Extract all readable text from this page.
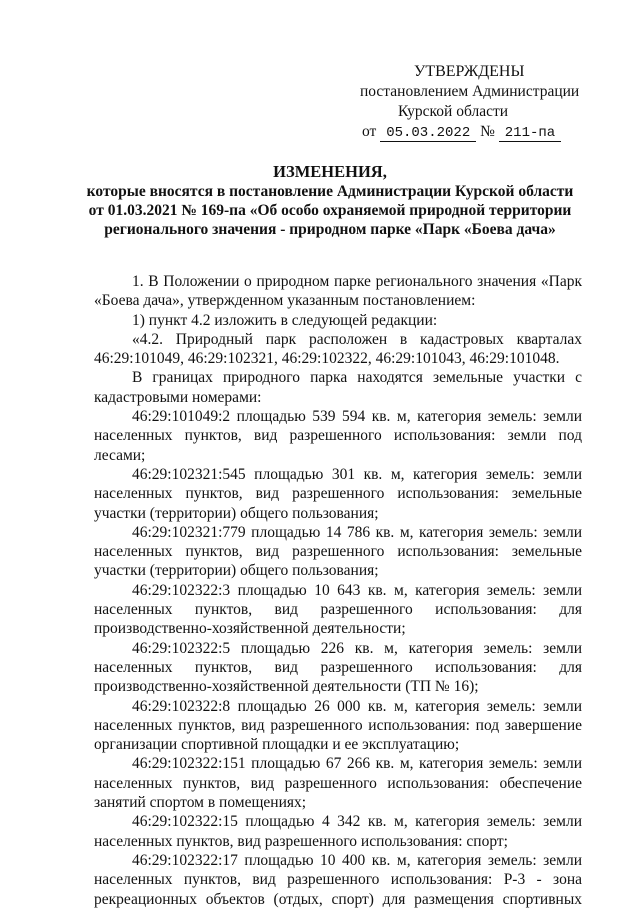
УТВЕРЖДЕНЫ
постановлением Администрации
Курской области
от 05.03.2022 № 211-па
ИЗМЕНЕНИЯ,
которые вносятся в постановление Администрации Курской области
от 01.03.2021 № 169-па «Об особо охраняемой природной территории
регионального значения - природном парке «Парк «Боева дача»

1. В Положении о природном парке регионального значения «Парк «Боева дача», утвержденном указанным постановлением:

1) пункт 4.2 изложить в следующей редакции:

«4.2. Природный парк расположен в кадастровых кварталах 46:29:101049, 46:29:102321, 46:29:102322, 46:29:101043, 46:29:101048.

В границах природного парка находятся земельные участки с кадастровыми номерами:

46:29:101049:2 площадью 539 594 кв. м, категория земель: земли населенных пунктов, вид разрешенного использования: земли под лесами;

46:29:102321:545 площадью 301 кв. м, категория земель: земли населенных пунктов, вид разрешенного использования: земельные участки (территории) общего пользования;

46:29:102321:779 площадью 14 786 кв. м, категория земель: земли населенных пунктов, вид разрешенного использования: земельные участки (территории) общего пользования;

46:29:102322:3 площадью 10 643 кв. м, категория земель: земли населенных пунктов, вид разрешенного использования: для производственно-хозяйственной деятельности;

46:29:102322:5 площадью 226 кв. м, категория земель: земли населенных пунктов, вид разрешенного использования: для производственно-хозяйственной деятельности (ТП № 16);

46:29:102322:8 площадью 26 000 кв. м, категория земель: земли населенных пунктов, вид разрешенного использования: под завершение организации спортивной площадки и ее эксплуатацию;

46:29:102322:151 площадью 67 266 кв. м, категория земель: земли населенных пунктов, вид разрешенного использования: обеспечение занятий спортом в помещениях;

46:29:102322:15 площадью 4 342 кв. м, категория земель: земли населенных пунктов, вид разрешенного использования: спорт;

46:29:102322:17 площадью 10 400 кв. м, категория земель: земли населенных пунктов, вид разрешенного использования: Р-3 - зона рекреационных объектов (отдых, спорт) для размещения спортивных
